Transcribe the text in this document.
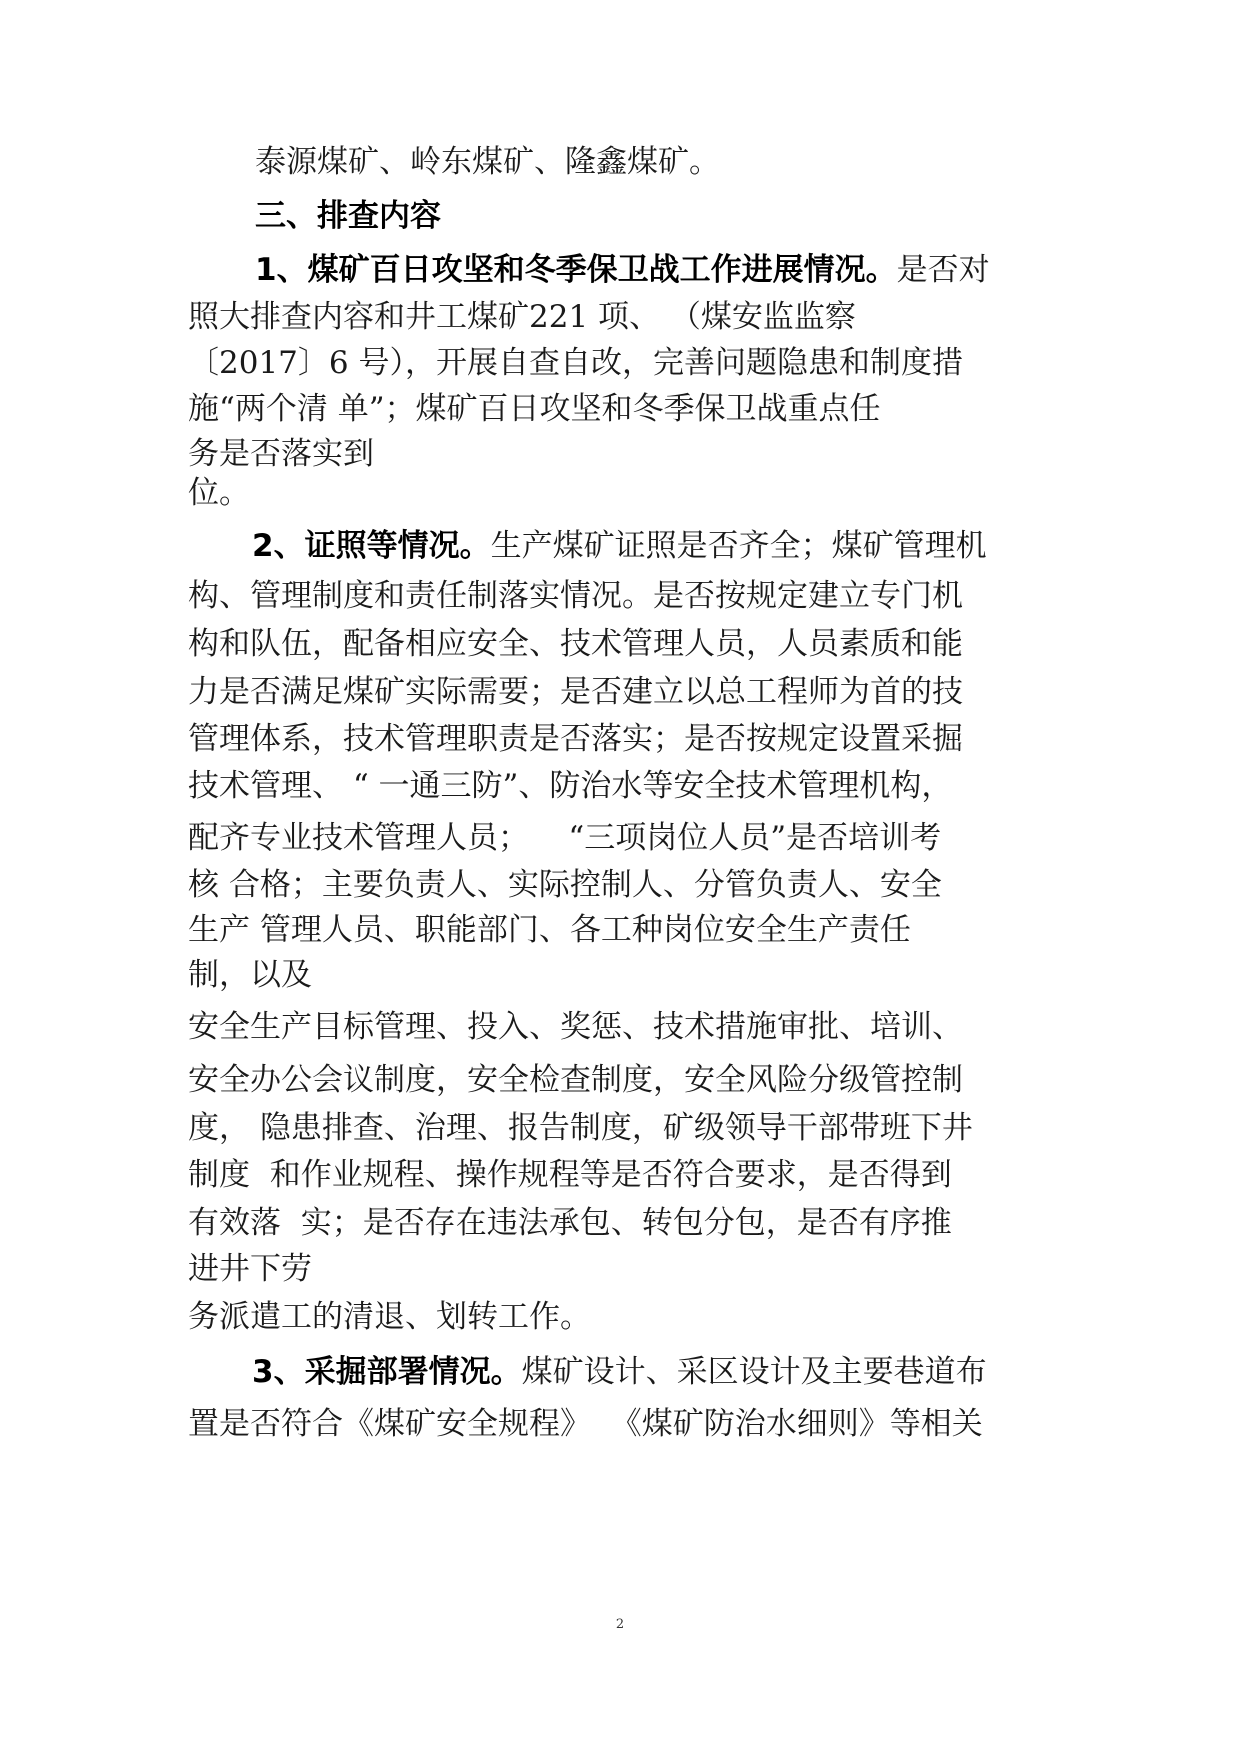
泰源煤矿、岭东煤矿、隆鑫煤矿。

三、排查内容

1、煤矿百日攻坚和冬季保卫战工作进展情况。是否对

照大排查内容和井工煤矿221 项、 （煤安监监察

〔2017〕6 号），开展自查自改，完善问题隐患和制度措

施“两个清 单”；煤矿百日攻坚和冬季保卫战重点任

务是否落实到

位。

2、证照等情况。生产煤矿证照是否齐全；煤矿管理机

构、管理制度和责任制落实情况。是否按规定建立专门机

构和队伍，配备相应安全、技术管理人员，人员素质和能

力是否满足煤矿实际需要；是否建立以总工程师为首的技

管理体系，技术管理职责是否落实；是否按规定设置采掘

技术管理、 “ 一通三防”、防治水等安全技术管理机构，

配齐专业技术管理人员；    “三项岗位人员”是否培训考

核 合格；主要负责人、实际控制人、分管负责人、安全

生产 管理人员、职能部门、各工种岗位安全生产责任

制，以及

安全生产目标管理、投入、奖惩、技术措施审批、培训、

安全办公会议制度，安全检查制度，安全风险分级管控制

度， 隐患排查、治理、报告制度，矿级领导干部带班下井

制度  和作业规程、操作规程等是否符合要求，是否得到

有效落  实；是否存在违法承包、转包分包，是否有序推

进井下劳

务派遣工的清退、划转工作。

3、采掘部署情况。煤矿设计、采区设计及主要巷道布

置是否符合《煤矿安全规程》  《煤矿防治水细则》等相关

2
